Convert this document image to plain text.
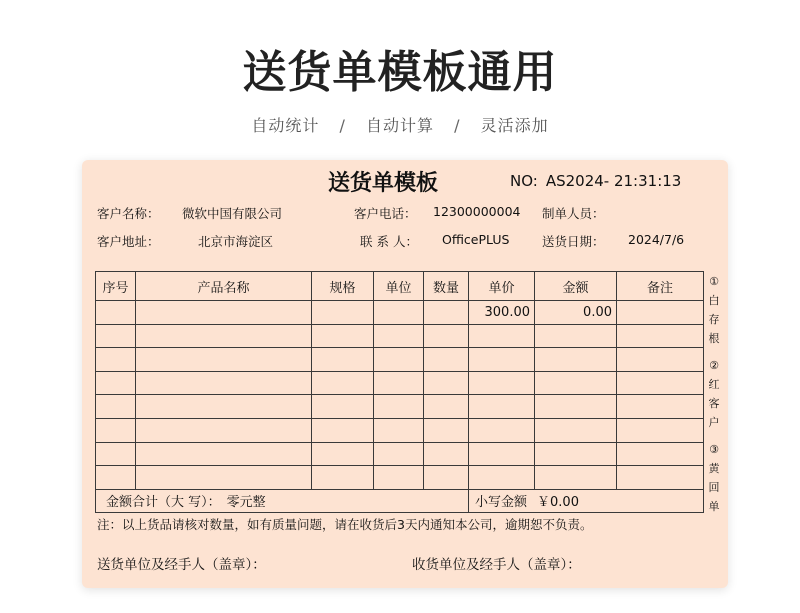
送货单模板通用
自动统计 / 自动计算 / 灵活添加
送货单模板	NO: AS2024- 21:31:13
客户名称： 微软中国有限公司	客户电话： 12300000004 制单人员：
客户地址：	北京市海淀区	联 系 人： OfficePLUS	送货日期： 2024/7/6
序号	产品名称	规格	单位	数量	单价	金额	备注
					300.00	0.00	

金额合计（大 写）： 零元整					小写金额 ￥0.00		
①
白
存
根
②
红
客
户
③
黄
回
单
注：以上货品请核对数量，如有质量问题，请在收货后3天内通知本公司，逾期恕不负责。
送货单位及经手人（盖章）：	收货单位及经手人（盖章）：
